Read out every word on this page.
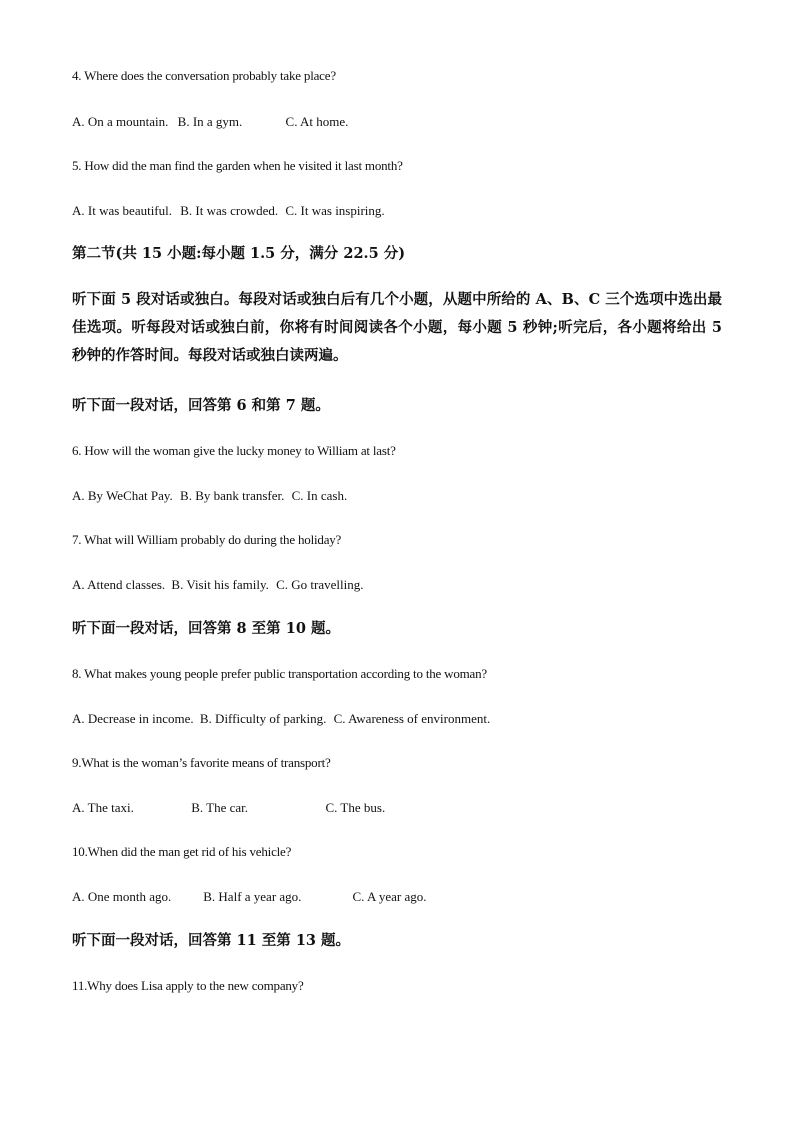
4. Where does the conversation probably take place?
A. On a mountain. B. In a gym.	C. At home.
5. How did the man find the garden when he visited it last month?
A. It was beautiful. B. It was crowded. C. It was inspiring.
第二节(共 15 小题:每小题 1.5 分，满分 22.5 分)
听下面 5 段对话或独白。每段对话或独白后有几个小题，从题中所给的 A、B、C 三个选项中选出最佳选项。听每段对话或独白前，你将有时间阅读各个小题，每小题 5 秒钟;听完后，各小题将给出 5 秒钟的作答时间。每段对话或独白读两遍。
听下面一段对话，回答第 6 和第 7 题。
6. How will the woman give the lucky money to William at last?
A. By WeChat Pay. B. By bank transfer. C. In cash.
7. What will William probably do during the holiday?
A. Attend classes. B. Visit his family. C. Go travelling.
听下面一段对话，回答第 8 至第 10 题。
8. What makes young people prefer public transportation according to the woman?
A. Decrease in income. B. Difficulty of parking. C. Awareness of environment.
9.What is the woman’s favorite means of transport?
A. The taxi.	B. The car.	C. The bus.
10.When did the man get rid of his vehicle?
A. One month ago. B. Half a year ago.	C. A year ago.
听下面一段对话，回答第 11 至第 13 题。
11.Why does Lisa apply to the new company?
